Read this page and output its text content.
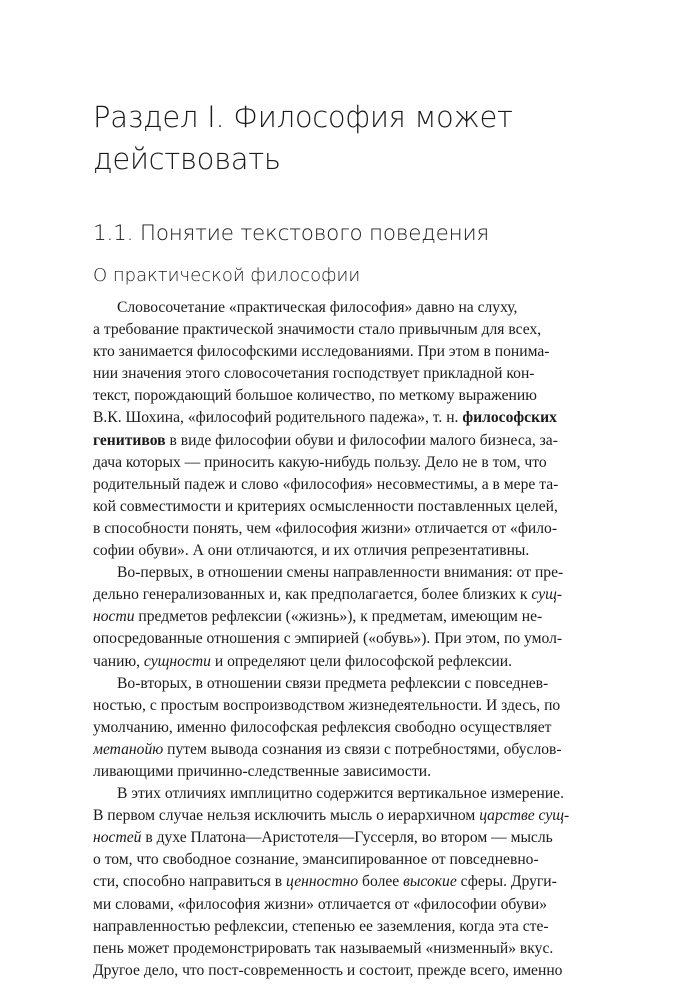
Раздел I. Философия может
действовать
1.1. Понятие текстового поведения
О практической философии
Словосочетание «практическая философия» давно на слуху,
а требование практической значимости стало привычным для всех,
кто занимается философскими исследованиями. При этом в понима-
нии значения этого словосочетания господствует прикладной кон-
текст, порождающий большое количество, по меткому выражению
В.К. Шохина, «философий родительного падежа», т. н. философских
генитивов в виде философии обуви и философии малого бизнеса, за-
дача которых — приносить какую-нибудь пользу. Дело не в том, что
родительный падеж и слово «философия» несовместимы, а в мере та-
кой совместимости и критериях осмысленности поставленных целей,
в способности понять, чем «философия жизни» отличается от «фило-
софии обуви». А они отличаются, и их отличия репрезентативны.
Во-первых, в отношении смены направленности внимания: от пре-
дельно генерализованных и, как предполагается, более близких к сущ-
ности предметов рефлексии («жизнь»), к предметам, имеющим не-
опосредованные отношения с эмпирией («обувь»). При этом, по умол-
чанию, сущности и определяют цели философской рефлексии.
Во-вторых, в отношении связи предмета рефлексии с повседнев-
ностью, с простым воспроизводством жизнедеятельности. И здесь, по
умолчанию, именно философская рефлексия свободно осуществляет
метанойю путем вывода сознания из связи с потребностями, обуслов-
ливающими причинно-следственные зависимости.
В этих отличиях имплицитно содержится вертикальное измерение.
В первом случае нельзя исключить мысль о иерархичном царстве сущ-
ностей в духе Платона—Аристотеля—Гуссерля, во втором — мысль
о том, что свободное сознание, эмансипированное от повседневно-
сти, способно направиться в ценностно более высокие сферы. Други-
ми словами, «философия жизни» отличается от «философии обуви»
направленностью рефлексии, степенью ее заземления, когда эта сте-
пень может продемонстрировать так называемый «низменный» вкус.
Другое дело, что пост-современность и состоит, прежде всего, именно
